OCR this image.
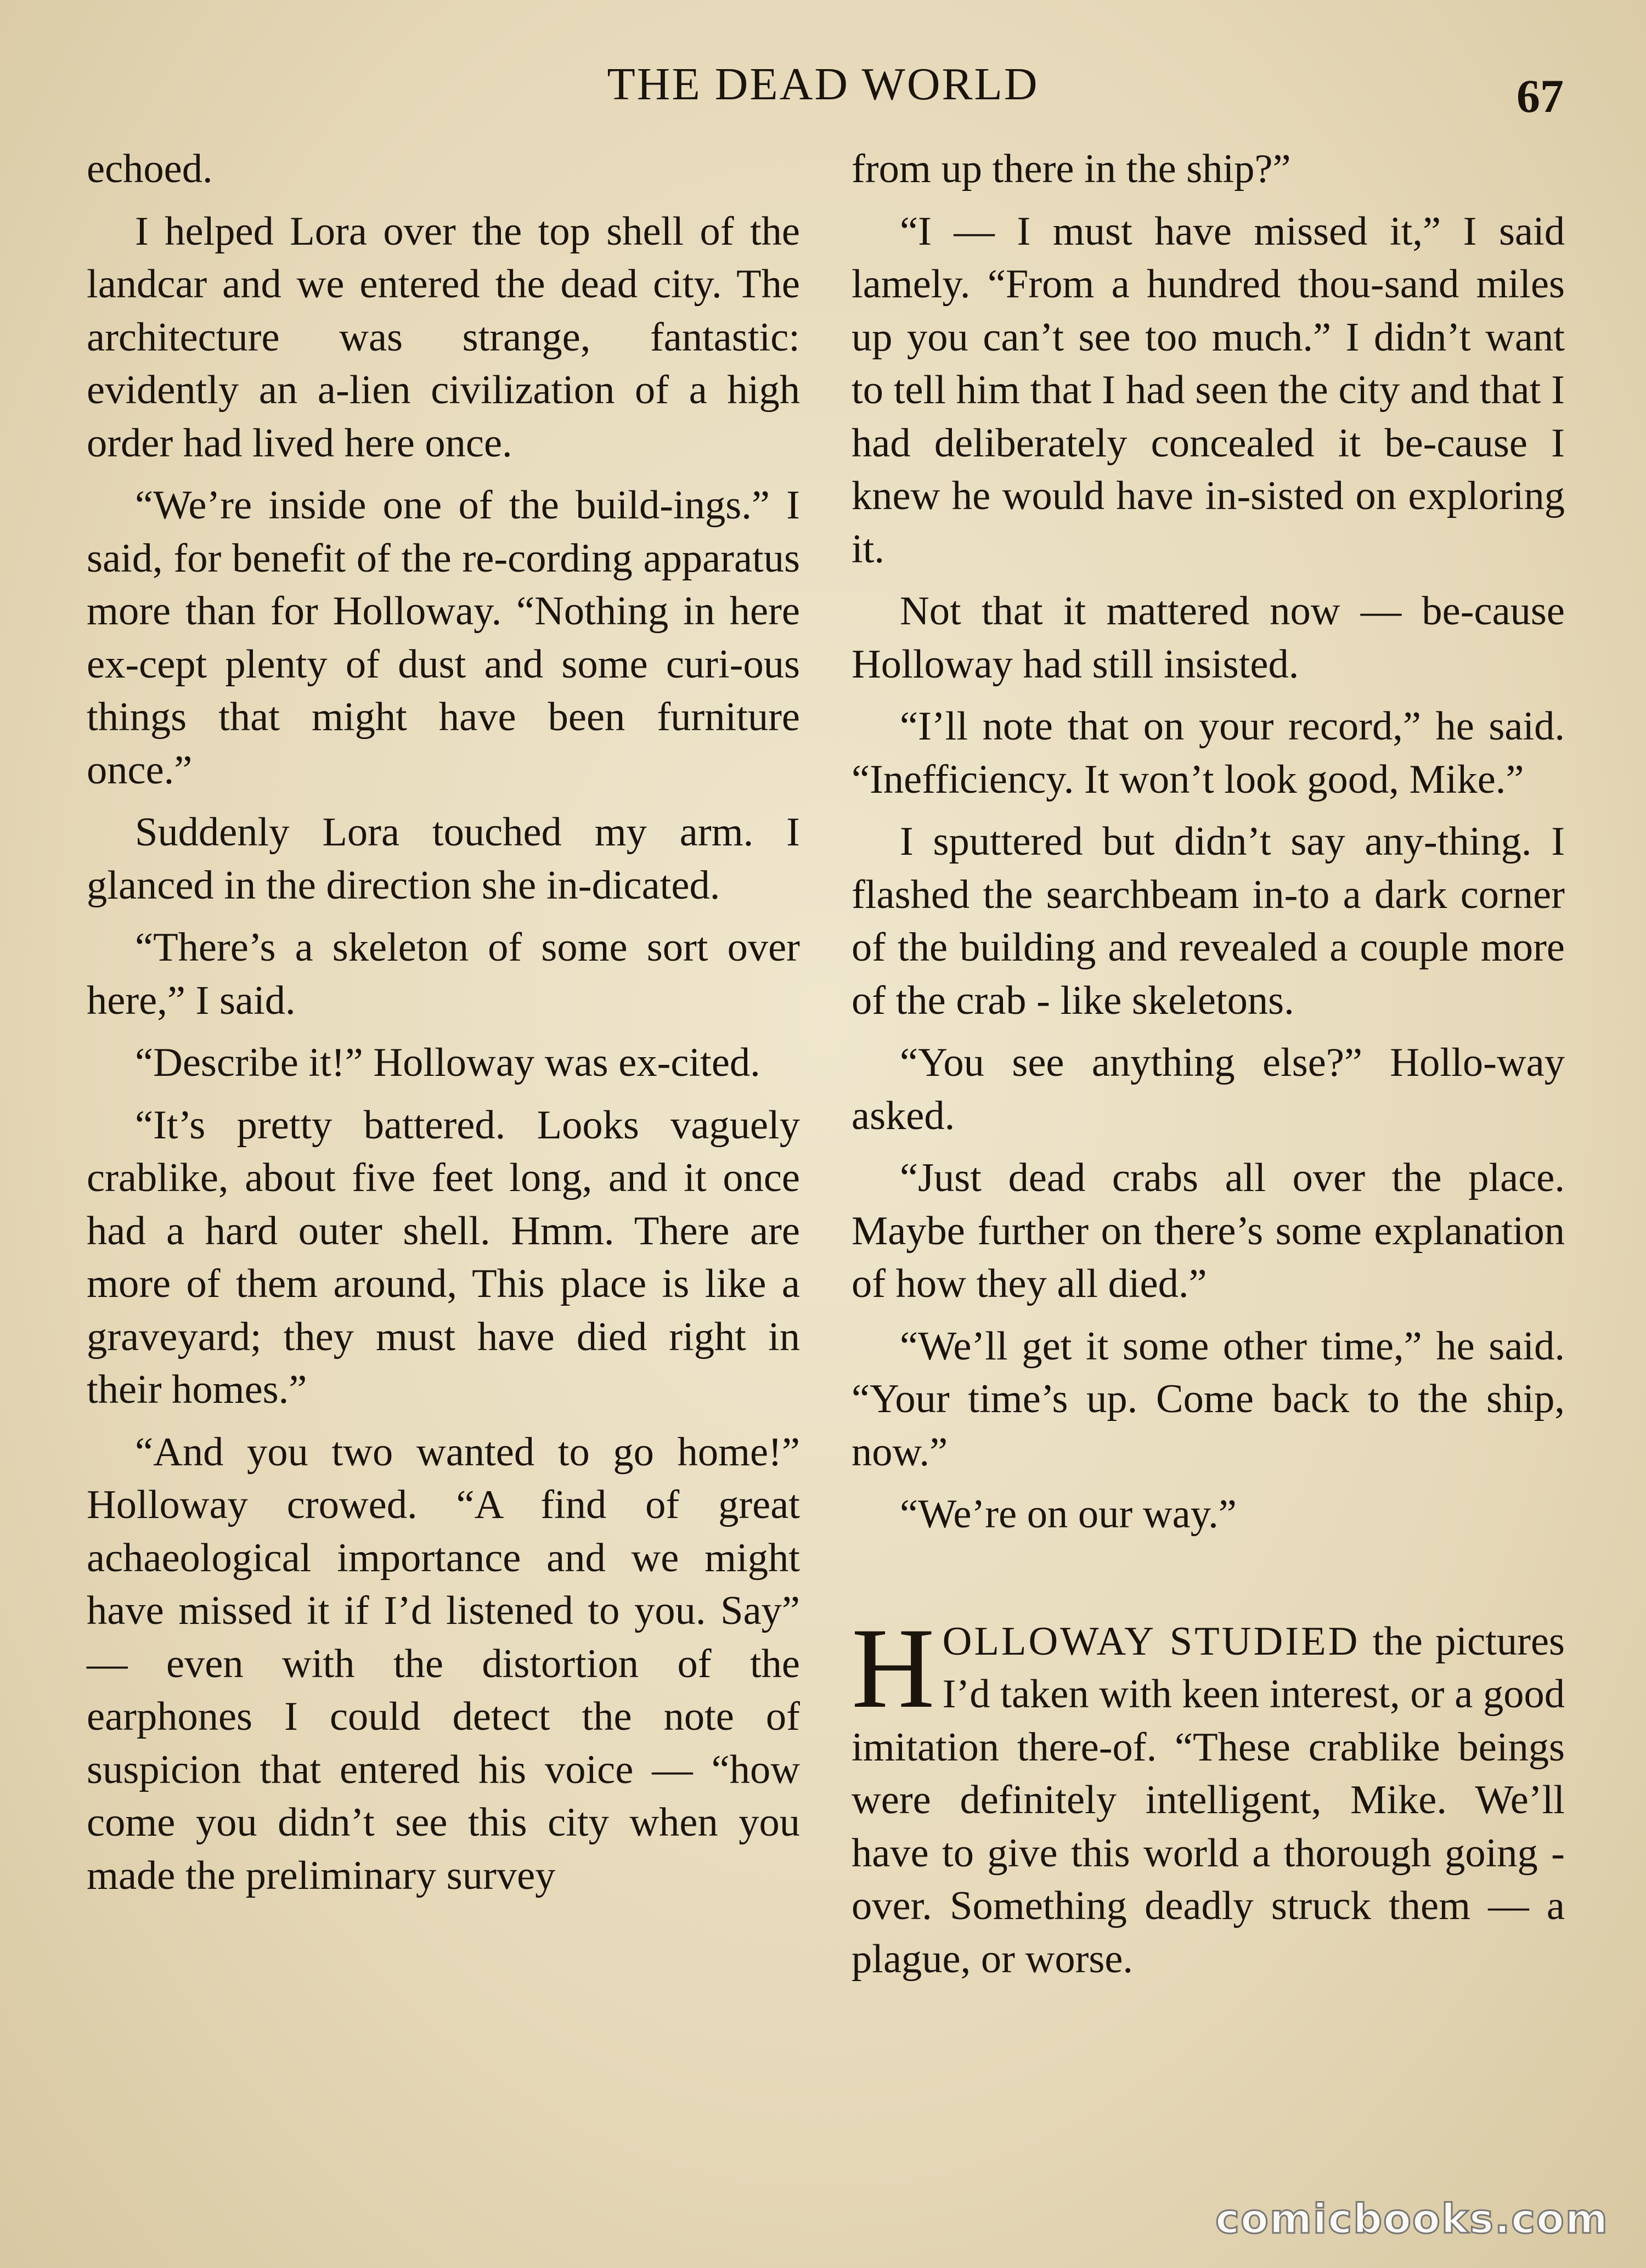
THE DEAD WORLD	67

echoed.

I helped Lora over the top shell of the landcar and we entered the dead city. The architecture was strange, fantastic: evidently an a-lien civilization of a high order had lived here once.

“We’re inside one of the build-ings.” I said, for benefit of the re-cording apparatus more than for Holloway. “Nothing in here ex-cept plenty of dust and some curi-ous things that might have been furniture once.”

Suddenly Lora touched my arm. I glanced in the direction she in-dicated.

“There’s a skeleton of some sort over here,” I said.

“Describe it!” Holloway was ex-cited.

“It’s pretty battered. Looks vaguely crablike, about five feet long, and it once had a hard outer shell. Hmm. There are more of them around, This place is like a graveyard; they must have died right in their homes.”

“And you two wanted to go home!” Holloway crowed. “A find of great achaeological importance and we might have missed it if I’d listened to you. Say” — even with the distortion of the earphones I could detect the note of suspicion that entered his voice — “how come you didn’t see this city when you made the preliminary survey

from up there in the ship?”

“I — I must have missed it,” I said lamely. “From a hundred thou-sand miles up you can’t see too much.” I didn’t want to tell him that I had seen the city and that I had deliberately concealed it be-cause I knew he would have in-sisted on exploring it.

Not that it mattered now — be-cause Holloway had still insisted.

“I’ll note that on your record,” he said. “Inefficiency. It won’t look good, Mike.”

I sputtered but didn’t say any-thing. I flashed the searchbeam in-to a dark corner of the building and revealed a couple more of the crab - like skeletons.

“You see anything else?” Hollo-way asked.

“Just dead crabs all over the place. Maybe further on there’s some explanation of how they all died.”

“We’ll get it some other time,” he said. “Your time’s up. Come back to the ship, now.”

“We’re on our way.”

HOLLOWAY STUDIED the pictures I’d taken with keen interest, or a good imitation there-of. “These crablike beings were definitely intelligent, Mike. We’ll have to give this world a thorough going - over. Something deadly struck them — a plague, or worse.

comicbooks.com
